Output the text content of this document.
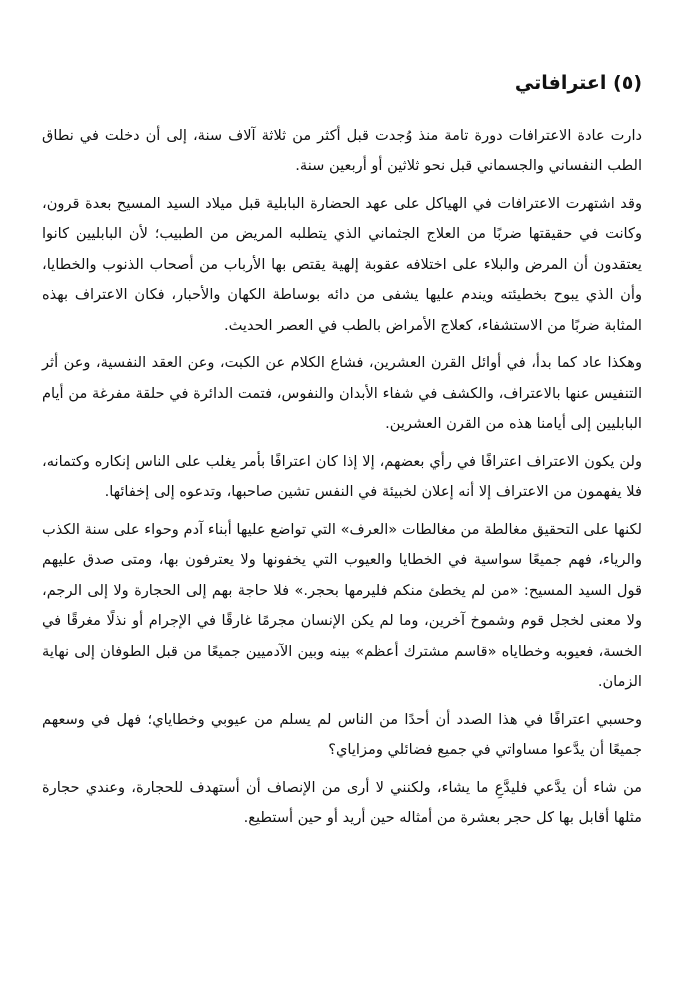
(٥) اعترافاتي

دارت عادة الاعترافات دورة تامة منذ وُجدت قبل أكثر من ثلاثة آلاف سنة، إلى أن دخلت في نطاق الطب النفساني والجسماني قبل نحو ثلاثين أو أربعين سنة.

وقد اشتهرت الاعترافات في الهياكل على عهد الحضارة البابلية قبل ميلاد السيد المسيح بعدة قرون، وكانت في حقيقتها ضربًا من العلاج الجثماني الذي يتطلبه المريض من الطبيب؛ لأن البابليين كانوا يعتقدون أن المرض والبلاء على اختلافه عقوبة إلهية يقتص بها الأرباب من أصحاب الذنوب والخطايا، وأن الذي يبوح بخطيئته ويندم عليها يشفى من دائه بوساطة الكهان والأحبار، فكان الاعتراف بهذه المثابة ضربًا من الاستشفاء، كعلاج الأمراض بالطب في العصر الحديث.

وهكذا عاد كما بدأ، في أوائل القرن العشرين، فشاع الكلام عن الكبت، وعن العقد النفسية، وعن أثر التنفيس عنها بالاعتراف، والكشف في شفاء الأبدان والنفوس، فتمت الدائرة في حلقة مفرغة من أيام البابليين إلى أيامنا هذه من القرن العشرين.

ولن يكون الاعتراف اعترافًا في رأي بعضهم، إلا إذا كان اعترافًا بأمر يغلب على الناس إنكاره وكتمانه، فلا يفهمون من الاعتراف إلا أنه إعلان لخبيئة في النفس تشين صاحبها، وتدعوه إلى إخفائها.

لكنها على التحقيق مغالطة من مغالطات «العرف» التي تواضع عليها أبناء آدم وحواء على سنة الكذب والرياء، فهم جميعًا سواسية في الخطايا والعيوب التي يخفونها ولا يعترفون بها، ومتى صدق عليهم قول السيد المسيح: «من لم يخطئ منكم فليرمها بحجر.» فلا حاجة بهم إلى الحجارة ولا إلى الرجم، ولا معنى لخجل قوم وشموخ آخرين، وما لم يكن الإنسان مجرمًا غارقًا في الإجرام أو نذلًا مغرقًا في الخسة، فعيوبه وخطاياه «قاسم مشترك أعظم» بينه وبين الآدميين جميعًا من قبل الطوفان إلى نهاية الزمان.

وحسبي اعترافًا في هذا الصدد أن أحدًا من الناس لم يسلم من عيوبي وخطاياي؛ فهل في وسعهم جميعًا أن يدَّعوا مساواتي في جميع فضائلي ومزاياي؟

من شاء أن يدَّعي فليدَّعِ ما يشاء، ولكنني لا أرى من الإنصاف أن أستهدف للحجارة، وعندي حجارة مثلها أقابل بها كل حجر بعشرة من أمثاله حين أريد أو حين أستطيع.
